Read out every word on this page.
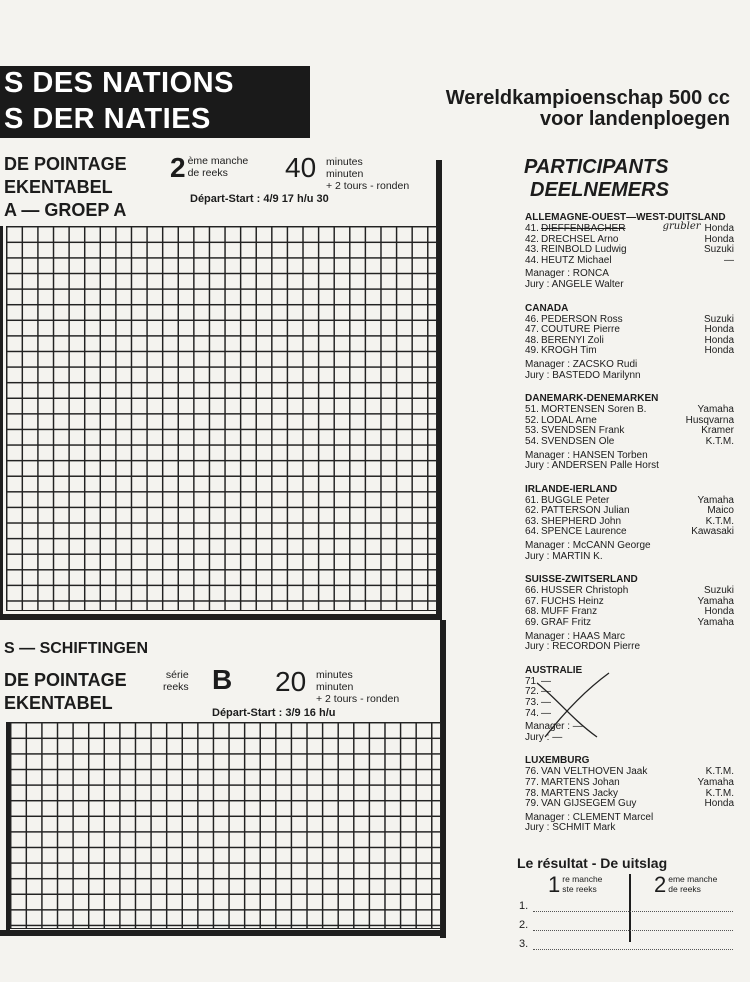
S DES NATIONS
S DER NATIES
Wereldkampioenschap 500 cc
voor landenploegen
DE POINTAGE
EKENTABEL
A — GROEP A
2 ème manche
de reeks	40 minutes
minuten
+ 2 tours - ronden
Départ-Start : 4/9 17 h/u 30
S — SCHIFTINGEN
DE POINTAGE
EKENTABEL
série
reeks B 20 minutes
minuten
+ 2 tours - ronden
Départ-Start : 3/9 16 h/u
PARTICIPANTS
DEELNEMERS
ALLEMAGNE-OUEST—WEST-DUITSLAND
41. DIEFFENBACHER	grubler Honda
42. DRECHSEL Arno	Honda
43. REINBOLD Ludwig	Suzuki
44. HEUTZ Michael	—
Manager : RONCA
Jury : ANGELE Walter
CANADA
46. PEDERSON Ross	Suzuki
47. COUTURE Pierre	Honda
48. BERENYI Zoli	Honda
49. KROGH Tim	Honda
Manager : ZACSKO Rudi
Jury : BASTEDO Marilynn
DANEMARK-DENEMARKEN
51. MORTENSEN Soren B.	Yamaha
52. LODAL Arne	Husqvarna
53. SVENDSEN Frank	Kramer
54. SVENDSEN Ole	K.T.M.
Manager : HANSEN Torben
Jury : ANDERSEN Palle Horst
IRLANDE-IERLAND
61. BUGGLE Peter	Yamaha
62. PATTERSON Julian	Maico
63. SHEPHERD John	K.T.M.
64. SPENCE Laurence	Kawasaki
Manager : McCANN George
Jury : MARTIN K.
SUISSE-ZWITSERLAND
66. HUSSER Christoph	Suzuki
67. FUCHS Heinz	Yamaha
68. MUFF Franz	Honda
69. GRAF Fritz	Yamaha
Manager : HAAS Marc
Jury : RECORDON Pierre
AUSTRALIE
71. —
72. —
73. —
74. —
Manager : —
Jury : —
LUXEMBURG
76. VAN VELTHOVEN Jaak	K.T.M.
77. MARTENS Johan	Yamaha
78. MARTENS Jacky	K.T.M.
79. VAN GIJSEGEM Guy	Honda
Manager : CLEMENT Marcel
Jury : SCHMIT Mark
Le résultat - De uitslag
1 re manche
ste reeks	2 eme manche
de reeks
1.
2.
3.
